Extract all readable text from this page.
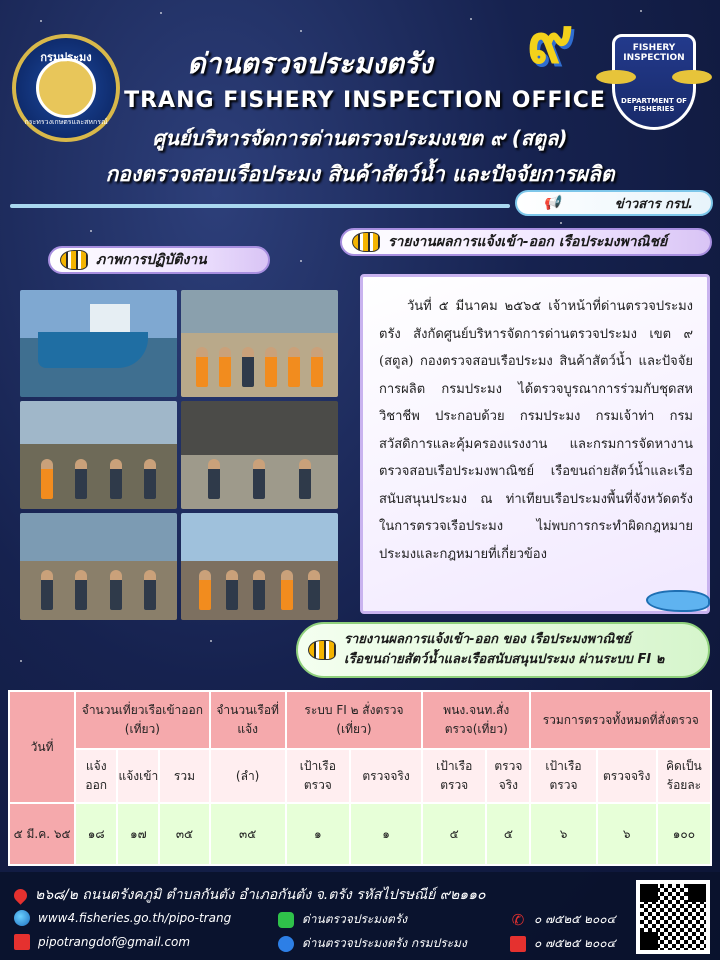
กรมประมง
กระทรวงเกษตรและสหกรณ์
๙	FISHERY INSPECTION
DEPARTMENT OF FISHERIES
ด่านตรวจประมงตรัง
TRANG FISHERY INSPECTION OFFICE
ศูนย์บริหารจัดการด่านตรวจประมงเขต ๙ (สตูล)
กองตรวจสอบเรือประมง สินค้าสัตว์น้ำ และปัจจัยการผลิต
📢	ข่าวสาร กรป.
ภาพการปฏิบัติงาน
รายงานผลการแจ้งเข้า-ออก เรือประมงพาณิชย์

วันที่ ๕ มีนาคม ๒๕๖๕ เจ้าหน้าที่ด่านตรวจประมงตรัง สังกัดศูนย์บริหารจัดการด่านตรวจประมง เขต ๙ (สตูล) กองตรวจสอบเรือประมง สินค้าสัตว์น้ำ และปัจจัยการผลิต กรมประมง ได้ตรวจบูรณาการร่วมกับชุดสหวิชาชีพ ประกอบด้วย กรมประมง กรมเจ้าท่า กรมสวัสดิการและคุ้มครองแรงงาน และกรมการจัดหางาน ตรวจสอบเรือประมงพาณิชย์ เรือขนถ่ายสัตว์น้ำและเรือสนับสนุนประมง ณ ท่าเทียบเรือประมงพื้นที่จังหวัดตรัง ในการตรวจเรือประมง ไม่พบการกระทำผิดกฎหมายประมงและกฎหมายที่เกี่ยวข้อง

รายงานผลการแจ้งเข้า-ออก ของ เรือประมงพาณิชย์
เรือขนถ่ายสัตว์น้ำและเรือสนับสนุนประมง ผ่านระบบ FI ๒
วันที่	จำนวนเที่ยวเรือเข้าออก (เที่ยว)			จำนวนเรือที่แจ้ง	ระบบ FI ๒ สั่งตรวจ (เที่ยว)		พนง.จนท.สั่งตรวจ(เที่ยว)		รวมการตรวจทั้งหมดที่สั่งตรวจ		
	แจ้งออก	แจ้งเข้า	รวม	(ลำ)	เป้าเรือตรวจ	ตรวจจริง	เป้าเรือตรวจ	ตรวจจริง	เป้าเรือตรวจ	ตรวจจริง	คิดเป็นร้อยละ
๕ มี.ค. ๖๕	๑๘	๑๗	๓๕	๓๕	๑	๑	๕	๕	๖	๖	๑๐๐
๒๖๘/๒ ถนนตรังคภูมิ ตำบลกันตัง อำเภอกันตัง จ.ตรัง รหัสไปรษณีย์ ๙๒๑๑๐
www4.fisheries.go.th/pipo-trang	ด่านตรวจประมงตรัง	✆ ๐ ๗๕๒๕ ๒๐๐๔
pipotrangdof@gmail.com	ด่านตรวจประมงตรัง กรมประมง	๐ ๗๕๒๕ ๒๐๐๔
